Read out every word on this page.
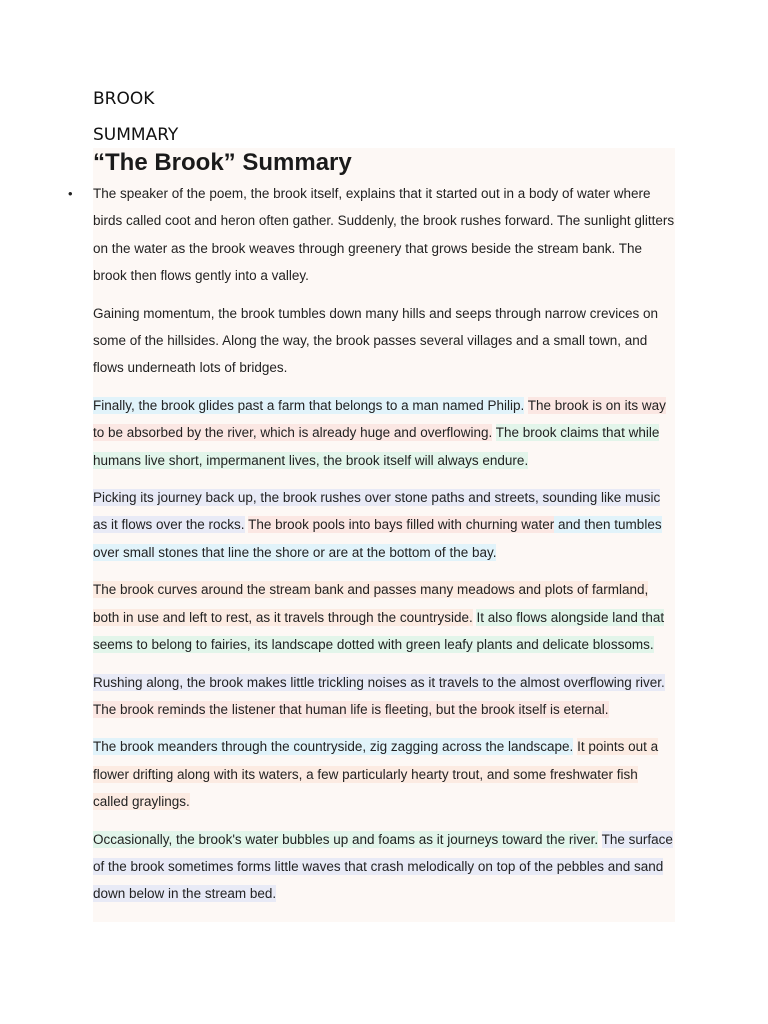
BROOK

SUMMARY

“The Brook” Summary

• The speaker of the poem, the brook itself, explains that it started out in a body of water where birds called coot and heron often gather. Suddenly, the brook rushes forward. The sunlight glitters on the water as the brook weaves through greenery that grows beside the stream bank. The brook then flows gently into a valley.

Gaining momentum, the brook tumbles down many hills and seeps through narrow crevices on some of the hillsides. Along the way, the brook passes several villages and a small town, and flows underneath lots of bridges.

Finally, the brook glides past a farm that belongs to a man named Philip. The brook is on its way to be absorbed by the river, which is already huge and overflowing. The brook claims that while humans live short, impermanent lives, the brook itself will always endure.

Picking its journey back up, the brook rushes over stone paths and streets, sounding like music as it flows over the rocks. The brook pools into bays filled with churning water and then tumbles over small stones that line the shore or are at the bottom of the bay.

The brook curves around the stream bank and passes many meadows and plots of farmland, both in use and left to rest, as it travels through the countryside. It also flows alongside land that seems to belong to fairies, its landscape dotted with green leafy plants and delicate blossoms.

Rushing along, the brook makes little trickling noises as it travels to the almost overflowing river. The brook reminds the listener that human life is fleeting, but the brook itself is eternal.

The brook meanders through the countryside, zig zagging across the landscape. It points out a flower drifting along with its waters, a few particularly hearty trout, and some freshwater fish called graylings.

Occasionally, the brook's water bubbles up and foams as it journeys toward the river. The surface of the brook sometimes forms little waves that crash melodically on top of the pebbles and sand down below in the stream bed.
